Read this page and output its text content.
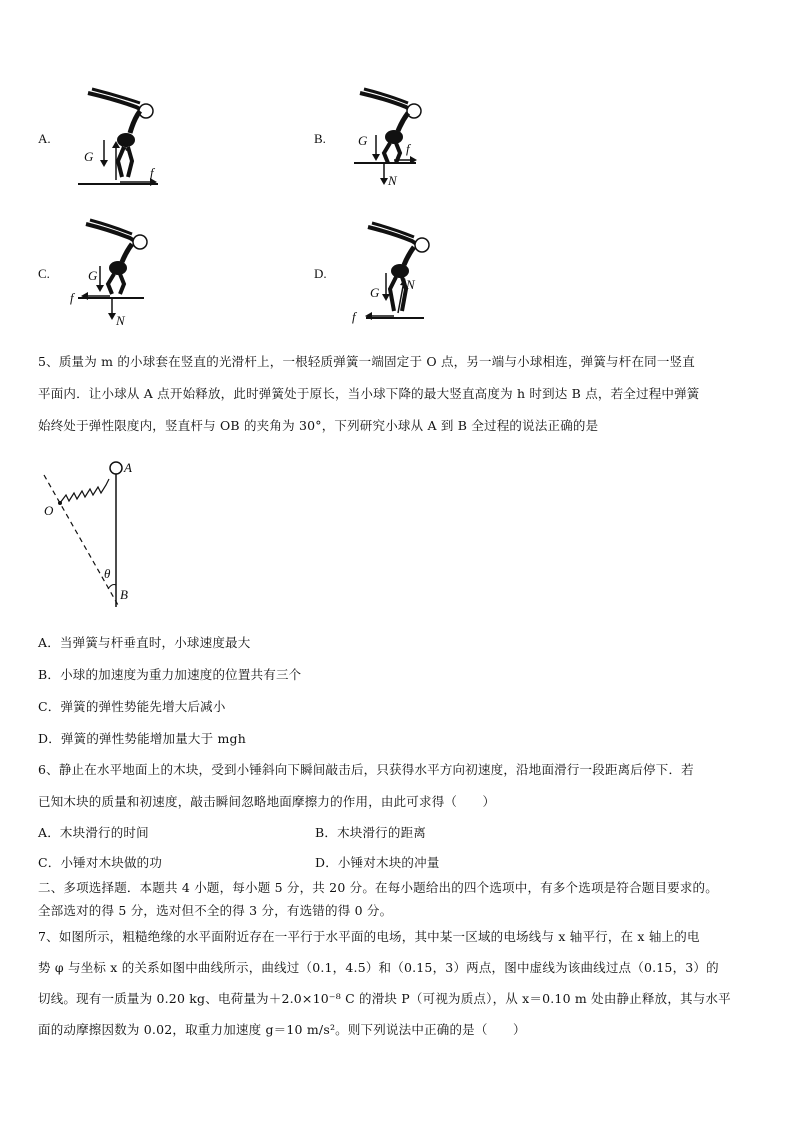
A.
G
N
f
B. G
N
f
C.	G
N
f
D.
G
N
f
5、质量为 m 的小球套在竖直的光滑杆上，一根轻质弹簧一端固定于 O 点，另一端与小球相连，弹簧与杆在同一竖直
平面内．让小球从 A 点开始释放，此时弹簧处于原长，当小球下降的最大竖直高度为 h 时到达 B 点，若全过程中弹簧
始终处于弹性限度内，竖直杆与 OB 的夹角为 30°，下列研究小球从 A 到 B 全过程的说法正确的是
A
O
θ
B
A．当弹簧与杆垂直时，小球速度最大
B．小球的加速度为重力加速度的位置共有三个
C．弹簧的弹性势能先增大后减小
D．弹簧的弹性势能增加量大于 mgh
6、静止在水平地面上的木块，受到小锤斜向下瞬间敲击后，只获得水平方向初速度，沿地面滑行一段距离后停下．若
已知木块的质量和初速度，敲击瞬间忽略地面摩擦力的作用，由此可求得（　　）
A．木块滑行的时间	B．木块滑行的距离
C．小锤对木块做的功	D．小锤对木块的冲量
二、多项选择题．本题共 4 小题，每小题 5 分，共 20 分。在每小题给出的四个选项中，有多个选项是符合题目要求的。
全部选对的得 5 分，选对但不全的得 3 分，有选错的得 0 分。
7、如图所示，粗糙绝缘的水平面附近存在一平行于水平面的电场，其中某一区域的电场线与 x 轴平行，在 x 轴上的电
势 φ 与坐标 x 的关系如图中曲线所示，曲线过（0.1，4.5）和（0.15，3）两点，图中虚线为该曲线过点（0.15，3）的
切线。现有一质量为 0.20 kg、电荷量为＋2.0×10⁻⁸ C 的滑块 P（可视为质点），从 x＝0.10 m 处由静止释放，其与水平
面的动摩擦因数为 0.02，取重力加速度 g＝10 m/s²。则下列说法中正确的是（　　）
